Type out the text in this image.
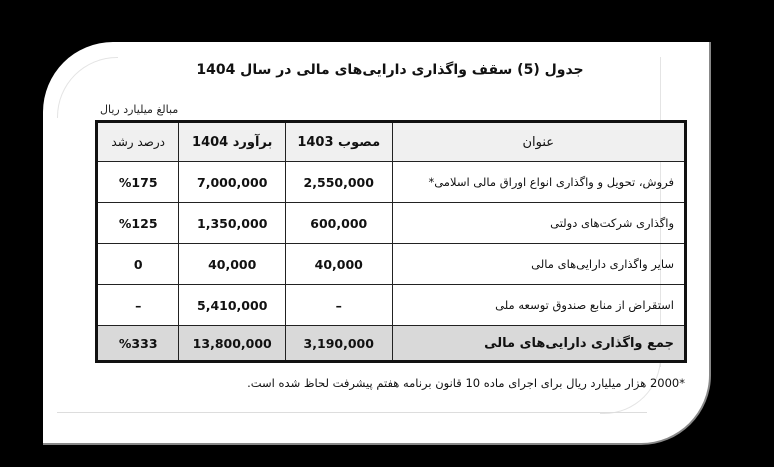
جدول (5) سقف واگذاری دارایی‌های مالی در سال 1404
مبالغ میلیارد ریال
عنوان	مصوب 1403	برآورد 1404	درصد رشد
فروش، تحویل و واگذاری انواع اوراق مالی اسلامی*	2,550,000	7,000,000	%175
واگذاری شرکت‌های دولتی	600,000	1,350,000	%125
سایر واگذاری دارایی‌های مالی	40,000	40,000	0
استقراض از منابع صندوق توسعه ملی	–	5,410,000	–
جمع واگذاری دارایی‌های مالی	3,190,000	13,800,000	%333
*2000 هزار میلیارد ریال برای اجرای ماده 10 قانون برنامه هفتم پیشرفت لحاظ شده است.
